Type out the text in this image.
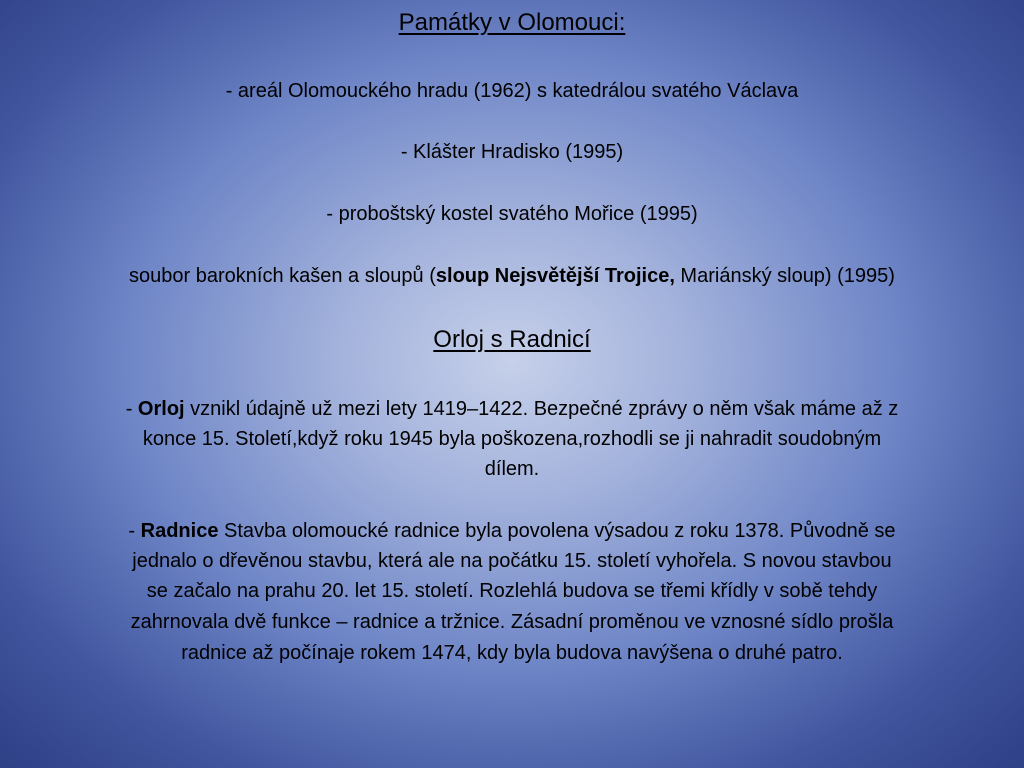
Památky v Olomouci:
- areál Olomouckého hradu (1962) s katedrálou svatého Václava
- Klášter Hradisko (1995)
- proboštský kostel svatého Mořice (1995)
soubor barokních kašen a sloupů (sloup Nejsvětější Trojice, Mariánský sloup) (1995)
Orloj s Radnicí
- Orloj vznikl údajně už mezi lety 1419–1422. Bezpečné zprávy o něm však máme až z
konce 15. Století,když roku 1945 byla poškozena,rozhodli se ji nahradit soudobným
dílem.
- Radnice Stavba olomoucké radnice byla povolena výsadou z roku 1378. Původně se
jednalo o dřevěnou stavbu, která ale na počátku 15. století vyhořela. S novou stavbou
se začalo na prahu 20. let 15. století. Rozlehlá budova se třemi křídly v sobě tehdy
zahrnovala dvě funkce – radnice a tržnice. Zásadní proměnou ve vznosné sídlo prošla
radnice až počínaje rokem 1474, kdy byla budova navýšena o druhé patro.
